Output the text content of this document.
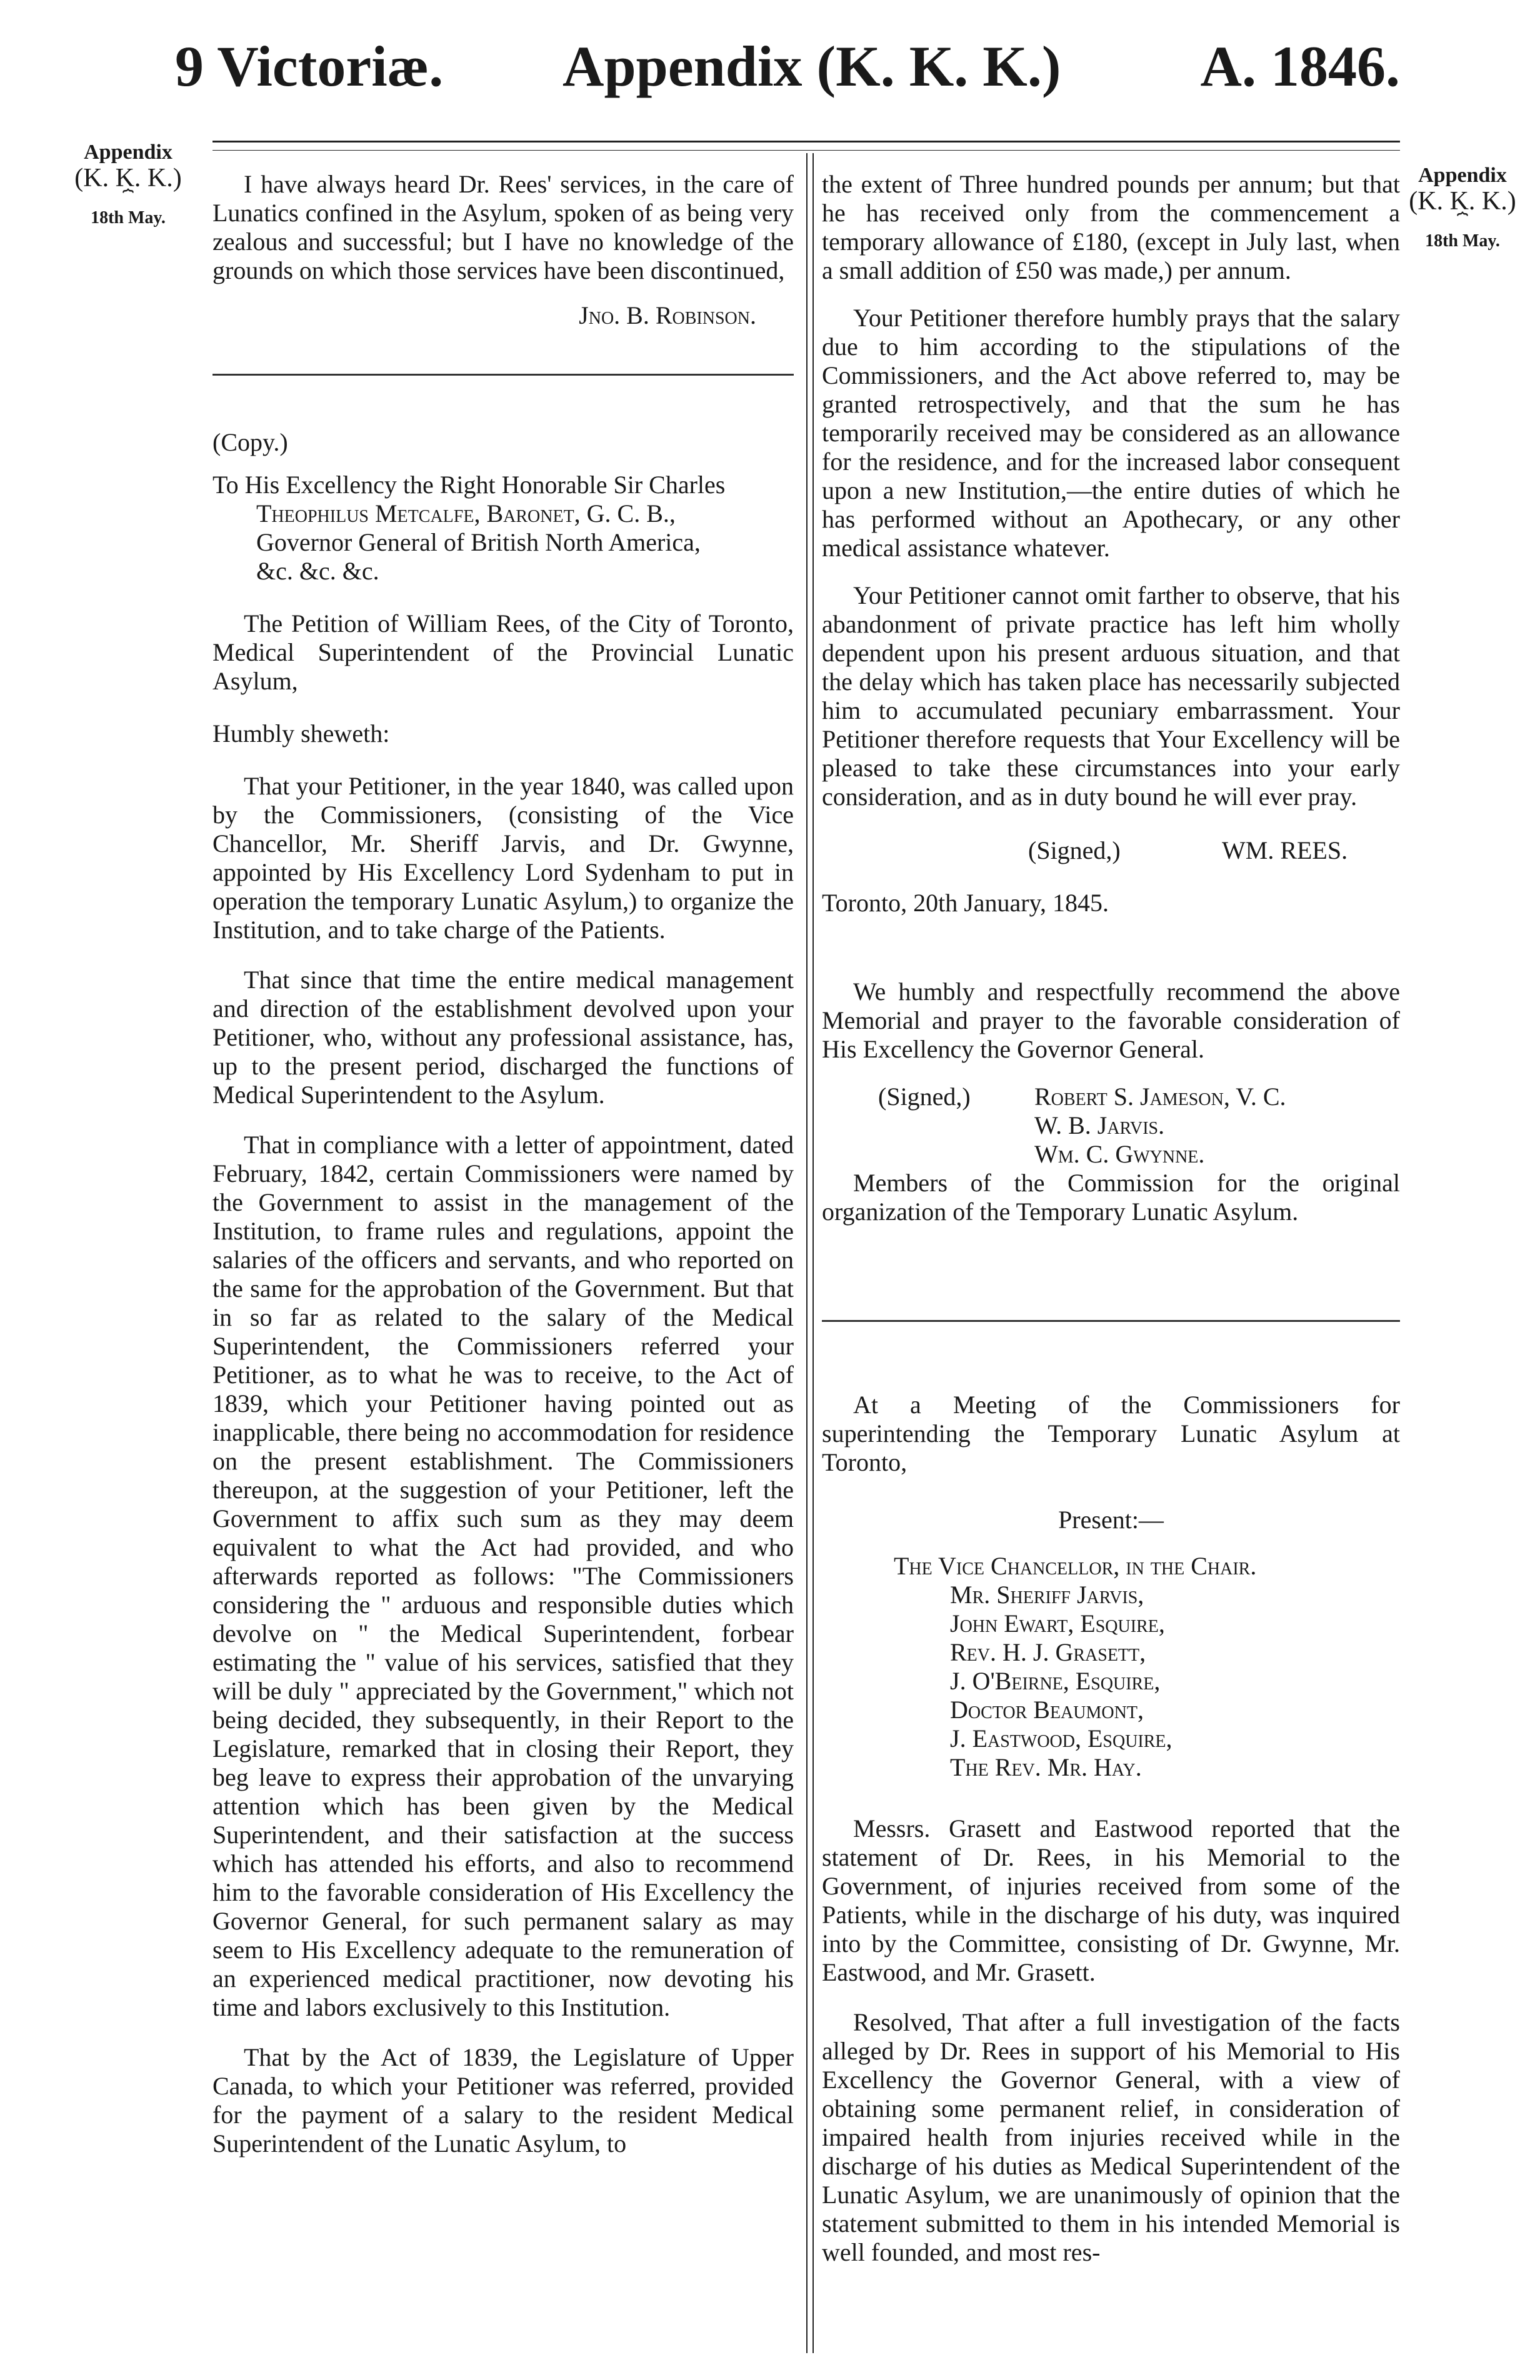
9 Victoriæ. Appendix (K. K. K.) A. 1846.
Appendix
(K. K. K.)
⏞
18th May.
Appendix
(K. K. K.)
⏞
18th May.

I have always heard Dr. Rees' services, in the care of Lunatics confined in the Asylum, spoken of as being very zealous and successful; but I have no knowledge of the grounds on which those services have been discontinued,

Jno. B. Robinson.

(Copy.)

To His Excellency the Right Honorable Sir Charles
Theophilus Metcalfe, Baronet, G. C. B.,
Governor General of British North America,
&c. &c. &c.

The Petition of William Rees, of the City of Toronto, Medical Superintendent of the Provincial Lunatic Asylum,

Humbly sheweth:

That your Petitioner, in the year 1840, was called upon by the Commissioners, (consisting of the Vice Chancellor, Mr. Sheriff Jarvis, and Dr. Gwynne, appointed by His Excellency Lord Sydenham to put in operation the temporary Lunatic Asylum,) to organize the Institution, and to take charge of the Patients.

That since that time the entire medical management and direction of the establishment devolved upon your Petitioner, who, without any professional assistance, has, up to the present period, discharged the functions of Medical Superintendent to the Asylum.

That in compliance with a letter of appointment, dated February, 1842, certain Commissioners were named by the Government to assist in the management of the Institution, to frame rules and regulations, appoint the salaries of the officers and servants, and who reported on the same for the approbation of the Government. But that in so far as related to the salary of the Medical Superintendent, the Commissioners referred your Petitioner, as to what he was to receive, to the Act of 1839, which your Petitioner having pointed out as inapplicable, there being no accommodation for residence on the present establishment. The Commissioners thereupon, at the suggestion of your Petitioner, left the Government to affix such sum as they may deem equivalent to what the Act had provided, and who afterwards reported as follows: "The Commissioners considering the " arduous and responsible duties which devolve on " the Medical Superintendent, forbear estimating the " value of his services, satisfied that they will be duly " appreciated by the Government," which not being decided, they subsequently, in their Report to the Legislature, remarked that in closing their Report, they beg leave to express their approbation of the unvarying attention which has been given by the Medical Superintendent, and their satisfaction at the success which has attended his efforts, and also to recommend him to the favorable consideration of His Excellency the Governor General, for such permanent salary as may seem to His Excellency adequate to the remuneration of an experienced medical practitioner, now devoting his time and labors exclusively to this Institution.

That by the Act of 1839, the Legislature of Upper Canada, to which your Petitioner was referred, provided for the payment of a salary to the resident Medical Superintendent of the Lunatic Asylum, to

the extent of Three hundred pounds per annum; but that he has received only from the commencement a temporary allowance of £180, (except in July last, when a small addition of £50 was made,) per annum.

Your Petitioner therefore humbly prays that the salary due to him according to the stipulations of the Commissioners, and the Act above referred to, may be granted retrospectively, and that the sum he has temporarily received may be considered as an allowance for the residence, and for the increased labor consequent upon a new Institution,—the entire duties of which he has performed without an Apothecary, or any other medical assistance whatever.

Your Petitioner cannot omit farther to observe, that his abandonment of private practice has left him wholly dependent upon his present arduous situation, and that the delay which has taken place has necessarily subjected him to accumulated pecuniary embarrassment. Your Petitioner therefore requests that Your Excellency will be pleased to take these circumstances into your early consideration, and as in duty bound he will ever pray.

(Signed,)	WM. REES.

Toronto, 20th January, 1845.

We humbly and respectfully recommend the above Memorial and prayer to the favorable consideration of His Excellency the Governor General.

(Signed,)	Robert S. Jameson, V. C.
W. B. Jarvis.
Wm. C. Gwynne.

Members of the Commission for the original organization of the Temporary Lunatic Asylum.

At a Meeting of the Commissioners for superintending the Temporary Lunatic Asylum at Toronto,

Present:—

The Vice Chancellor, in the Chair.
Mr. Sheriff Jarvis,
John Ewart, Esquire,
Rev. H. J. Grasett,
J. O'Beirne, Esquire,
Doctor Beaumont,
J. Eastwood, Esquire,
The Rev. Mr. Hay.

Messrs. Grasett and Eastwood reported that the statement of Dr. Rees, in his Memorial to the Government, of injuries received from some of the Patients, while in the discharge of his duty, was inquired into by the Committee, consisting of Dr. Gwynne, Mr. Eastwood, and Mr. Grasett.

Resolved, That after a full investigation of the facts alleged by Dr. Rees in support of his Memorial to His Excellency the Governor General, with a view of obtaining some permanent relief, in consideration of impaired health from injuries received while in the discharge of his duties as Medical Superintendent of the Lunatic Asylum, we are unanimously of opinion that the statement submitted to them in his intended Memorial is well founded, and most res-
